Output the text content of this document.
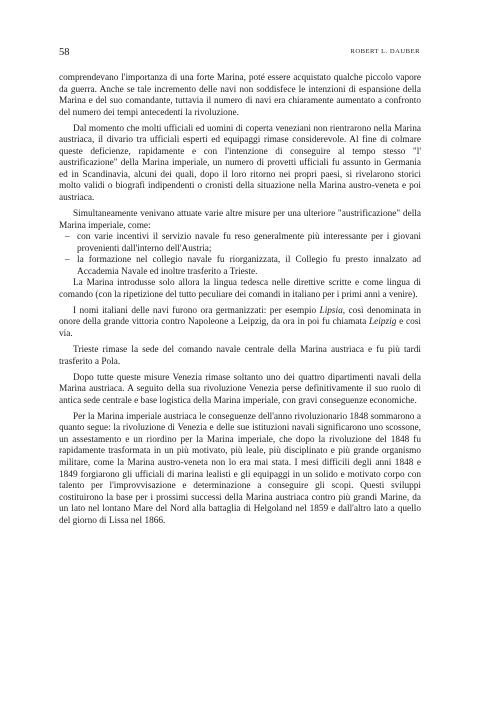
58	ROBERT L. DAUBER

comprendevano l'importanza di una forte Marina, poté essere acquistato qualche piccolo vapore da guerra. Anche se tale incremento delle navi non soddisfece le intenzioni di espansione della Marina e del suo comandante, tuttavia il numero di navi era chiaramente aumentato a confronto del numero dei tempi antecedenti la rivoluzione.

Dal momento che molti ufficiali ed uomini di coperta veneziani non rientrarono nella Marina austriaca, il divario tra ufficiali esperti ed equipaggi rimase considerevole. Al fine di colmare queste deficienze, rapidamente e con l'intenzione di conseguire al tempo stesso "l' austrificazione" della Marina imperiale, un numero di provetti ufficiali fu assunto in Germania ed in Scandinavia, alcuni dei quali, dopo il loro ritorno nei propri paesi, si rivelarono storici molto validi o biografi indipendenti o cronisti della situazione nella Marina austro-veneta e poi austriaca.

Simultaneamente venivano attuate varie altre misure per una ulteriore "austrificazione" della Marina imperiale, come:

– con varie incentivi il servizio navale fu reso generalmente più interessante per i giovani provenienti dall'interno dell'Austria;

– la formazione nel collegio navale fu riorganizzata, il Collegio fu presto innalzato ad Accademia Navale ed inoltre trasferito a Trieste.

La Marina introdusse solo allora la lingua tedesca nelle direttive scritte e come lingua di comando (con la ripetizione del tutto peculiare dei comandi in italiano per i primi anni a venire).

I nomi italiani delle navi furono ora germanizzati: per esempio Lipsia, così denominata in onore della grande vittoria contro Napoleone a Leipzig, da ora in poi fu chiamata Leipzig e così via.

Trieste rimase la sede del comando navale centrale della Marina austriaca e fu più tardi trasferito a Pola.

Dopo tutte queste misure Venezia rimase soltanto uno dei quattro dipartimenti navali della Marina austriaca. A seguito della sua rivoluzione Venezia perse definitivamente il suo ruolo di antica sede centrale e base logistica della Marina imperiale, con gravi conseguenze economiche.

Per la Marina imperiale austriaca le conseguenze dell'anno rivoluzionario 1848 sommarono a quanto segue: la rivoluzione di Venezia e delle sue istituzioni navali significarono uno scossone, un assestamento e un riordino per la Marina imperiale, che dopo la rivoluzione del 1848 fu rapidamente trasformata in un più motivato, più leale, più disciplinato e più grande organismo militare, come la Marina austro-veneta non lo era mai stata. I mesi difficili degli anni 1848 e 1849 forgiarono gli ufficiali di marina lealisti e gli equipaggi in un solido e motivato corpo con talento per l'improvvisazione e determinazione a conseguire gli scopi. Questi sviluppi costituirono la base per i prossimi successi della Marina austriaca contro più grandi Marine, da un lato nel lontano Mare del Nord alla battaglia di Helgoland nel 1859 e dall'altro lato a quello del giorno di Lissa nel 1866.
